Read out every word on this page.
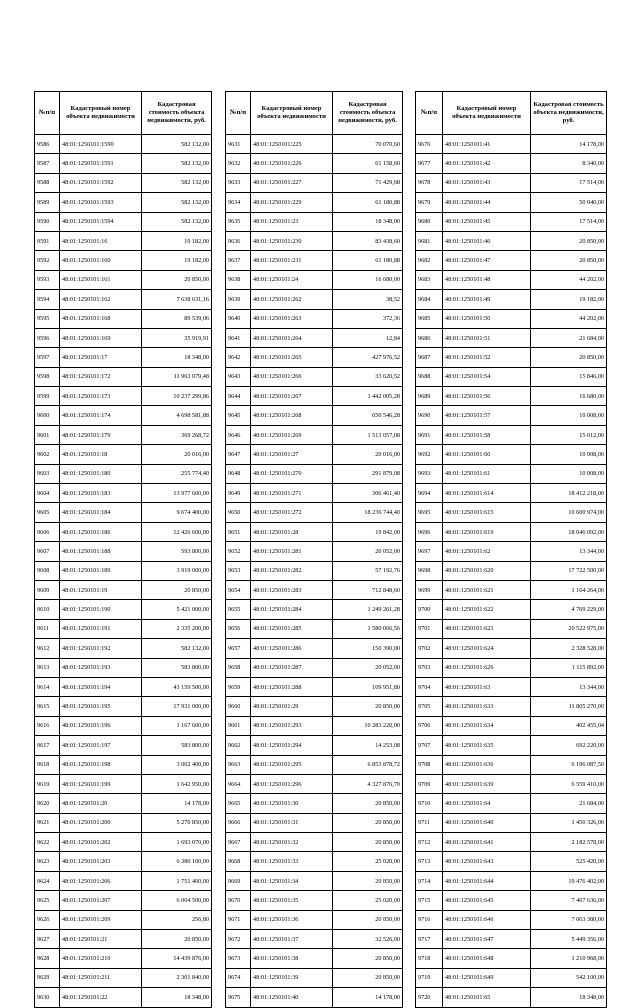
№п/п	Кадастровый номер объекта недвижимости	Кадастровая стоимость объекта недвижимости, руб.
9586	48:01:1250101:1590	582 132,00
9587	48:01:1250101:1591	582 132,00
9588	48:01:1250101:1592	582 132,00
9589	48:01:1250101:1593	582 132,00
9590	48:01:1250101:1594	582 132,00
9591	48:01:1250101:16	19 182,00
9592	48:01:1250101:160	19 182,00
9593	48:01:1250101:161	20 850,00
9594	48:01:1250101:162	7 638 631,16
9595	48:01:1250101:168	89 539,06
9596	48:01:1250101:169	35 919,91
9597	48:01:1250101:17	18 348,00
9598	48:01:1250101:172	11 963 079,48
9599	48:01:1250101:173	10 237 299,86
9600	48:01:1250101:174	4 698 581,88
9601	48:01:1250101:179	369 268,72
9602	48:01:1250101:18	20 016,00
9603	48:01:1250101:180	255 774,40
9604	48:01:1250101:183	13 977 600,00
9605	48:01:1250101:184	9 674 400,00
9606	48:01:1250101:186	12 426 600,00
9607	48:01:1250101:188	593 800,00
9608	48:01:1250101:189	3 919 000,00
9609	48:01:1250101:19	20 850,00
9610	48:01:1250101:190	5 421 000,00
9611	48:01:1250101:191	2 335 200,00
9612	48:01:1250101:192	582 132,00
9613	48:01:1250101:193	583 800,00
9614	48:01:1250101:194	43 159 500,00
9615	48:01:1250101:195	17 931 000,00
9616	48:01:1250101:196	1 167 600,00
9617	48:01:1250101:197	583 800,00
9618	48:01:1250101:198	3 002 400,00
9619	48:01:1250101:199	1 642 950,00
9620	48:01:1250101:20	14 178,00
9621	48:01:1250101:200	5 270 850,00
9622	48:01:1250101:202	1 693 070,00
9623	48:01:1250101:203	6 380 100,00
9624	48:01:1250101:206	1 751 400,00
9625	48:01:1250101:207	6 004 500,00
9626	48:01:1250101:209	256,80
9627	48:01:1250101:21	20 850,00
9628	48:01:1250101:210	14 439 876,00
9629	48:01:1250101:211	2 301 840,00
9630	48:01:1250101:22	18 348,00
№п/п	Кадастровый номер объекта недвижимости	Кадастровая стоимость объекта недвижимости, руб.
9631	48:01:1250101:225	70 070,60
9632	48:01:1250101:226	61 158,60
9633	48:01:1250101:227	71 429,68
9634	48:01:1250101:229	61 180,88
9635	48:01:1250101:23	18 348,00
9636	48:01:1250101:230	83 438,60
9637	48:01:1250101:231	61 180,88
9638	48:01:1250101:24	16 680,00
9639	48:01:1250101:262	38,52
9640	48:01:1250101:263	372,36
9641	48:01:1250101:264	12,84
9642	48:01:1250101:265	427 976,52
9643	48:01:1250101:266	33 620,52
9644	48:01:1250101:267	1 442 005,28
9645	48:01:1250101:268	650 546,28
9646	48:01:1250101:269	1 513 057,08
9647	48:01:1250101:27	20 016,00
9648	48:01:1250101:270	291 879,08
9649	48:01:1250101:271	306 461,40
9650	48:01:1250101:272	18 236 744,40
9651	48:01:1250101:28	19 842,00
9652	48:01:1250101:281	20 052,00
9653	48:01:1250101:282	57 192,76
9654	48:01:1250101:283	712 848,60
9655	48:01:1250101:284	1 249 261,28
9656	48:01:1250101:285	1 580 066,56
9657	48:01:1250101:286	150 390,00
9658	48:01:1250101:287	20 052,00
9659	48:01:1250101:288	109 951,80
9660	48:01:1250101:29	20 850,00
9661	48:01:1250101:293	10 283 220,00
9662	48:01:1250101:294	14 253,08
9663	48:01:1250101:295	6 853 878,72
9664	48:01:1250101:296	4 327 876,70
9665	48:01:1250101:30	20 850,00
9666	48:01:1250101:31	20 850,00
9667	48:01:1250101:32	20 850,00
9668	48:01:1250101:33	25 020,00
9669	48:01:1250101:34	20 850,00
9670	48:01:1250101:35	25 020,00
9671	48:01:1250101:36	20 850,00
9672	48:01:1250101:37	32 526,00
9673	48:01:1250101:38	20 850,00
9674	48:01:1250101:39	20 850,00
9675	48:01:1250101:40	14 178,00
№п/п	Кадастровый номер объекта недвижимости	Кадастровая стоимость объекта недвижимости, руб.
9676	48:01:1250101:41	14 178,00
9677	48:01:1250101:42	8 340,00
9678	48:01:1250101:43	17 514,00
9679	48:01:1250101:44	50 040,00
9680	48:01:1250101:45	17 514,00
9681	48:01:1250101:46	20 850,00
9682	48:01:1250101:47	20 850,00
9683	48:01:1250101:48	44 202,00
9684	48:01:1250101:49	19 182,00
9685	48:01:1250101:50	44 202,00
9686	48:01:1250101:51	21 684,00
9687	48:01:1250101:52	20 850,00
9688	48:01:1250101:54	15 846,00
9689	48:01:1250101:56	16 680,00
9690	48:01:1250101:57	10 008,00
9691	48:01:1250101:58	15 012,00
9692	48:01:1250101:60	10 008,00
9693	48:01:1250101:61	10 008,00
9694	48:01:1250101:614	18 412 218,00
9695	48:01:1250101:615	10 600 974,00
9696	48:01:1250101:619	18 046 092,00
9697	48:01:1250101:62	13 344,00
9698	48:01:1250101:620	17 722 500,00
9699	48:01:1250101:621	1 164 264,00
9700	48:01:1250101:622	4 769 229,00
9701	48:01:1250101:623	20 522 975,00
9702	48:01:1250101:624	2 328 528,00
9703	48:01:1250101:626	1 115 892,00
9704	48:01:1250101:63	13 344,00
9705	48:01:1250101:633	11 805 270,00
9706	48:01:1250101:634	402 455,04
9707	48:01:1250101:635	692 220,00
9708	48:01:1250101:636	6 196 087,50
9709	48:01:1250101:639	6 559 410,00
9710	48:01:1250101:64	21 684,00
9711	48:01:1250101:640	1 450 326,00
9712	48:01:1250101:641	2 182 578,00
9713	48:01:1250101:643	525 420,00
9714	48:01:1250101:644	19 476 402,00
9715	48:01:1250101:645	7 467 636,00
9716	48:01:1250101:646	7 063 380,00
9717	48:01:1250101:647	5 449 356,00
9718	48:01:1250101:648	1 210 968,00
9719	48:01:1250101:649	542 100,00
9720	48:01:1250101:65	18 348,00
